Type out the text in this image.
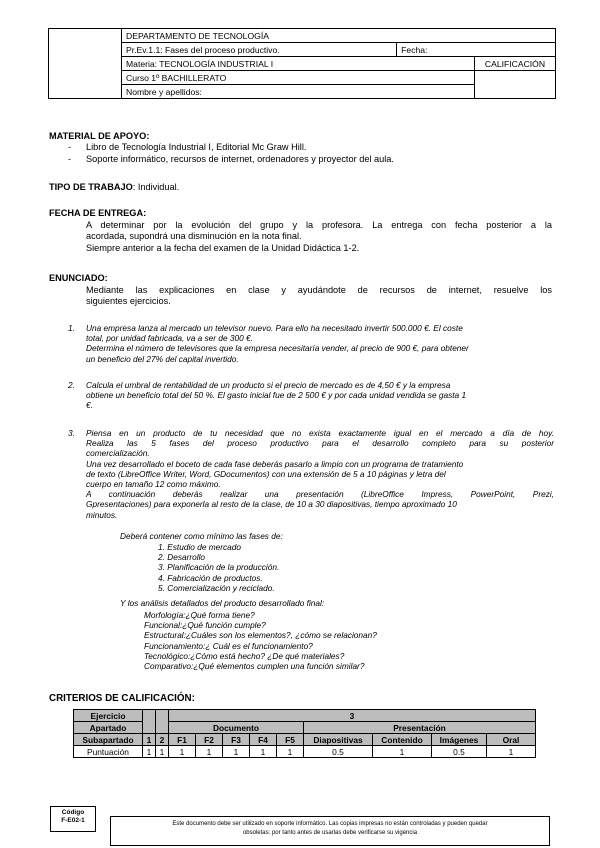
	DEPARTAMENTO DE TECNOLOGÍA		
	Pr.Ev.1.1: Fases del proceso productivo.	Fecha:	
	Materia: TECNOLOGÍA INDUSTRIAL I		CALIFICACIÓN
	Curso 1º BACHILLERATO		
	Nombre y apellidos:		
MATERIAL DE APOYO:
- Libro de Tecnología Industrial I, Editorial Mc Graw Hill.
- Soporte informático, recursos de internet, ordenadores y proyector del aula.
TIPO DE TRABAJO: Individual.
FECHA DE ENTREGA:
A determinar por la evolución del grupo y la profesora. La entrega con fecha posterior a la
acordada, supondrá una disminución en la nota final.
Siempre anterior a la fecha del examen de la Unidad Didáctica 1-2.
ENUNCIADO:
Mediante las explicaciones en clase y ayudándote de recursos de internet, resuelve los
siguientes ejercicios.
1. Una empresa lanza al mercado un televisor nuevo. Para ello ha necesitado invertir 500.000 €. El coste
total, por unidad fabricada, va a ser de 300 €.
Determina el número de televisores que la empresa necesitaría vender, al precio de 900 €, para obtener
un beneficio del 27% del capital invertido.
2. Calcula el umbral de rentabilidad de un producto si el precio de mercado es de 4,50 € y la empresa
obtiene un beneficio total del 50 %. El gasto inicial fue de 2 500 € y por cada unidad vendida se gasta 1
€.
3. Piensa en un producto de tu necesidad que no exista exactamente igual en el mercado a día de hoy.
Realiza las 5 fases del proceso productivo para el desarrollo completo para su posterior
comercialización.
Una vez desarrollado el boceto de cada fase deberás pasarlo a limpio con un programa de tratamiento
de texto (LibreOffice Writer, Word, GDocumentos) con una extensión de 5 a 10 páginas y letra del
cuerpo en tamaño 12 como máximo.
A continuación deberás realizar una presentación (LibreOffice Impress, PowerPoint, Prezi,
Gpresentaciones) para exponerla al resto de la clase, de 10 a 30 diapositivas, tiempo aproximado 10
minutos.
Deberá contener como mínimo las fases de:
1. Estudio de mercado
2. Desarrollo
3. Planificación de la producción.
4. Fabricación de productos.
5. Comercialización y reciclado.
Y los análisis detallados del producto desarrollado final:
Morfología:¿Qué forma tiene?
Funcional:¿Qué función cumple?
Estructural:¿Cuáles son los elementos?, ¿cómo se relacionan?
Funcionamiento:¿ Cuál es el funcionamiento?
Tecnológico:¿Cómo está hecho? ¿De qué materiales?
Comparativo:¿Qué elementos cumplen una función similar?
CRITERIOS DE CALIFICACIÓN:
Ejercicio			3								
Apartado			Documento					Presentación			
Subapartado	1	2	F1	F2	F3	F4	F5	Diapositivas	Contenido	Imágenes	Oral
Puntuación	1	1	1	1	1	1	1	0.5	1	0.5	1
Código
F-E02-1	Este documento debe ser utilizado en soporte informático. Las copias impresas no están controladas y pueden quedar
obsoletas: por tanto antes de usarlas debe verificarse su vigencia
